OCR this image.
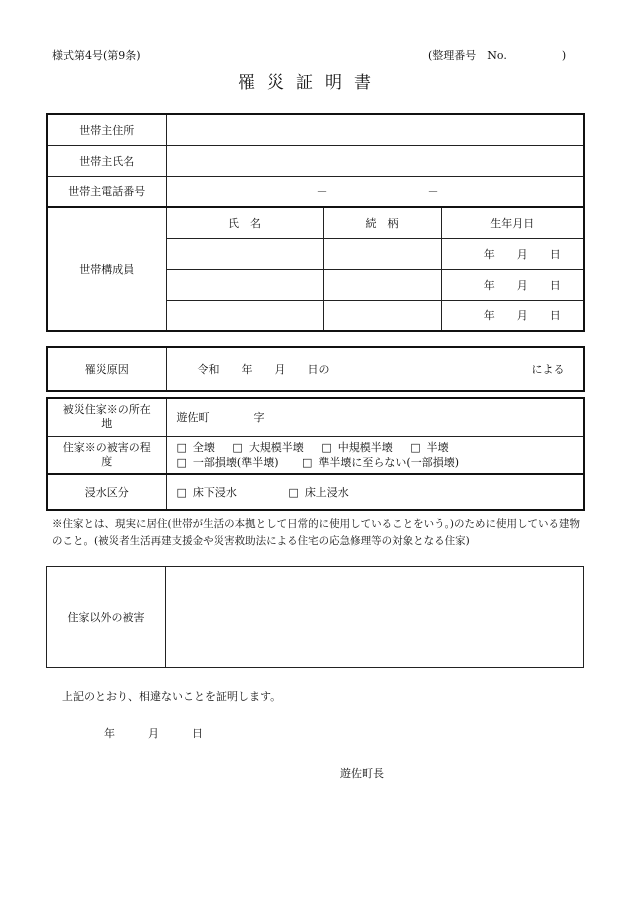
様式第4号(第9条)	(整理番号　No.　　　　　)
罹災証明書
世帯主住所			
世帯主氏名			
世帯主電話番号	－ －		
世帯構成員	氏　名	続　柄	生年月日
			年　　月　　日
			年　　月　　日
			年　　月　　日
罹災原因	令和　　年　　月　　日の	による

被災住家※の所在地	遊佐町　　　　字
住家※の被害の程度	□ 全壊 □ 大規模半壊 □ 中規模半壊 □ 半壊
□ 一部損壊(準半壊) □ 準半壊に至らない(一部損壊)

浸水区分	□ 床下浸水 □ 床上浸水
※住家とは、現実に居住(世帯が生活の本拠として日常的に使用していることをいう。)のために使用している建物のこと。(被災者生活再建支援金や災害救助法による住宅の応急修理等の対象となる住家)
住家以外の被害	
上記のとおり、相違ないことを証明します。
年　　　月　　　日
遊佐町長
